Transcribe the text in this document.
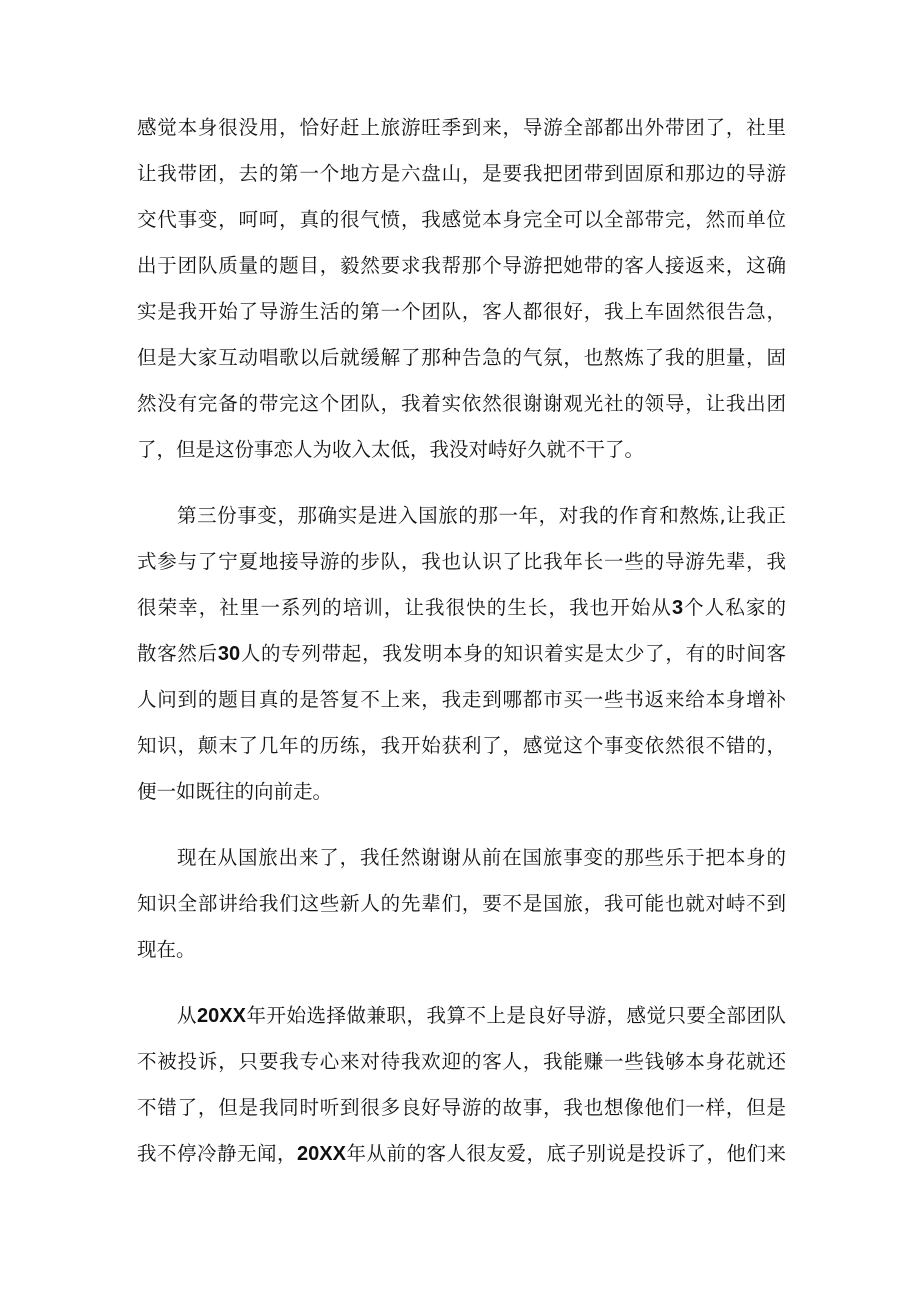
感觉本身很没用，恰好赶上旅游旺季到来，导游全部都出外带团了，社里
让我带团，去的第一个地方是六盘山，是要我把团带到固原和那边的导游
交代事变，呵呵，真的很气愤，我感觉本身完全可以全部带完，然而单位
出于团队质量的题目，毅然要求我帮那个导游把她带的客人接返来，这确
实是我开始了导游生活的第一个团队，客人都很好，我上车固然很告急，
但是大家互动唱歌以后就缓解了那种告急的气氛，也熬炼了我的胆量，固
然没有完备的带完这个团队，我着实依然很谢谢观光社的领导，让我出团
了，但是这份事恋人为收入太低，我没对峙好久就不干了。
第三份事变，那确实是进入国旅的那一年，对我的作育和熬炼,让我正
式参与了宁夏地接导游的步队，我也认识了比我年长一些的导游先辈，我
很荣幸，社里一系列的培训，让我很快的生长，我也开始从3个人私家的
散客然后30人的专列带起，我发明本身的知识着实是太少了，有的时间客
人问到的题目真的是答复不上来，我走到哪都市买一些书返来给本身增补
知识，颠末了几年的历练，我开始获利了，感觉这个事变依然很不错的，
便一如既往的向前走。
现在从国旅出来了，我任然谢谢从前在国旅事变的那些乐于把本身的
知识全部讲给我们这些新人的先辈们，要不是国旅，我可能也就对峙不到
现在。
从20XX年开始选择做兼职，我算不上是良好导游，感觉只要全部团队
不被投诉，只要我专心来对待我欢迎的客人，我能赚一些钱够本身花就还
不错了，但是我同时听到很多良好导游的故事，我也想像他们一样，但是
我不停冷静无闻，20XX年从前的客人很友爱，底子别说是投诉了，他们来
